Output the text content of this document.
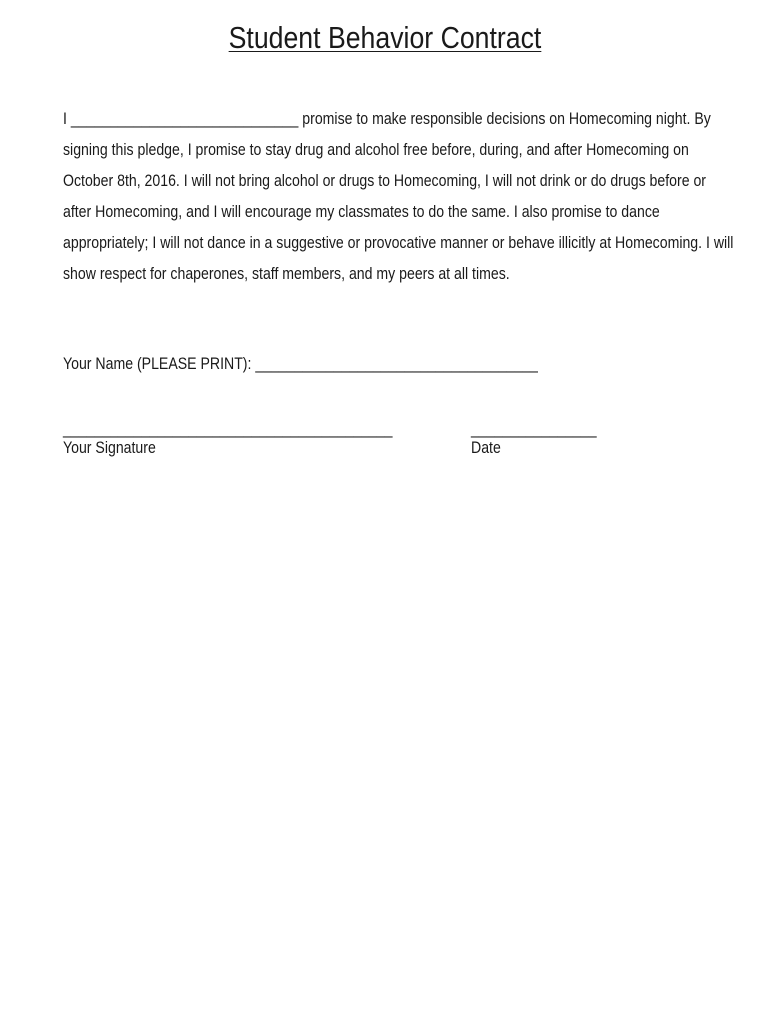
Student Behavior Contract
I _____________________________ promise to make responsible decisions on Homecoming night. By
signing this pledge, I promise to stay drug and alcohol free before, during, and after Homecoming on
October 8th, 2016. I will not bring alcohol or drugs to Homecoming, I will not drink or do drugs before or
after Homecoming, and I will encourage my classmates to do the same. I also promise to dance
appropriately; I will not dance in a suggestive or provocative manner or behave illicitly at Homecoming. I will
show respect for chaperones, staff members, and my peers at all times.
Your Name (PLEASE PRINT): ____________________________________
__________________________________________	________________
Your Signature	Date
